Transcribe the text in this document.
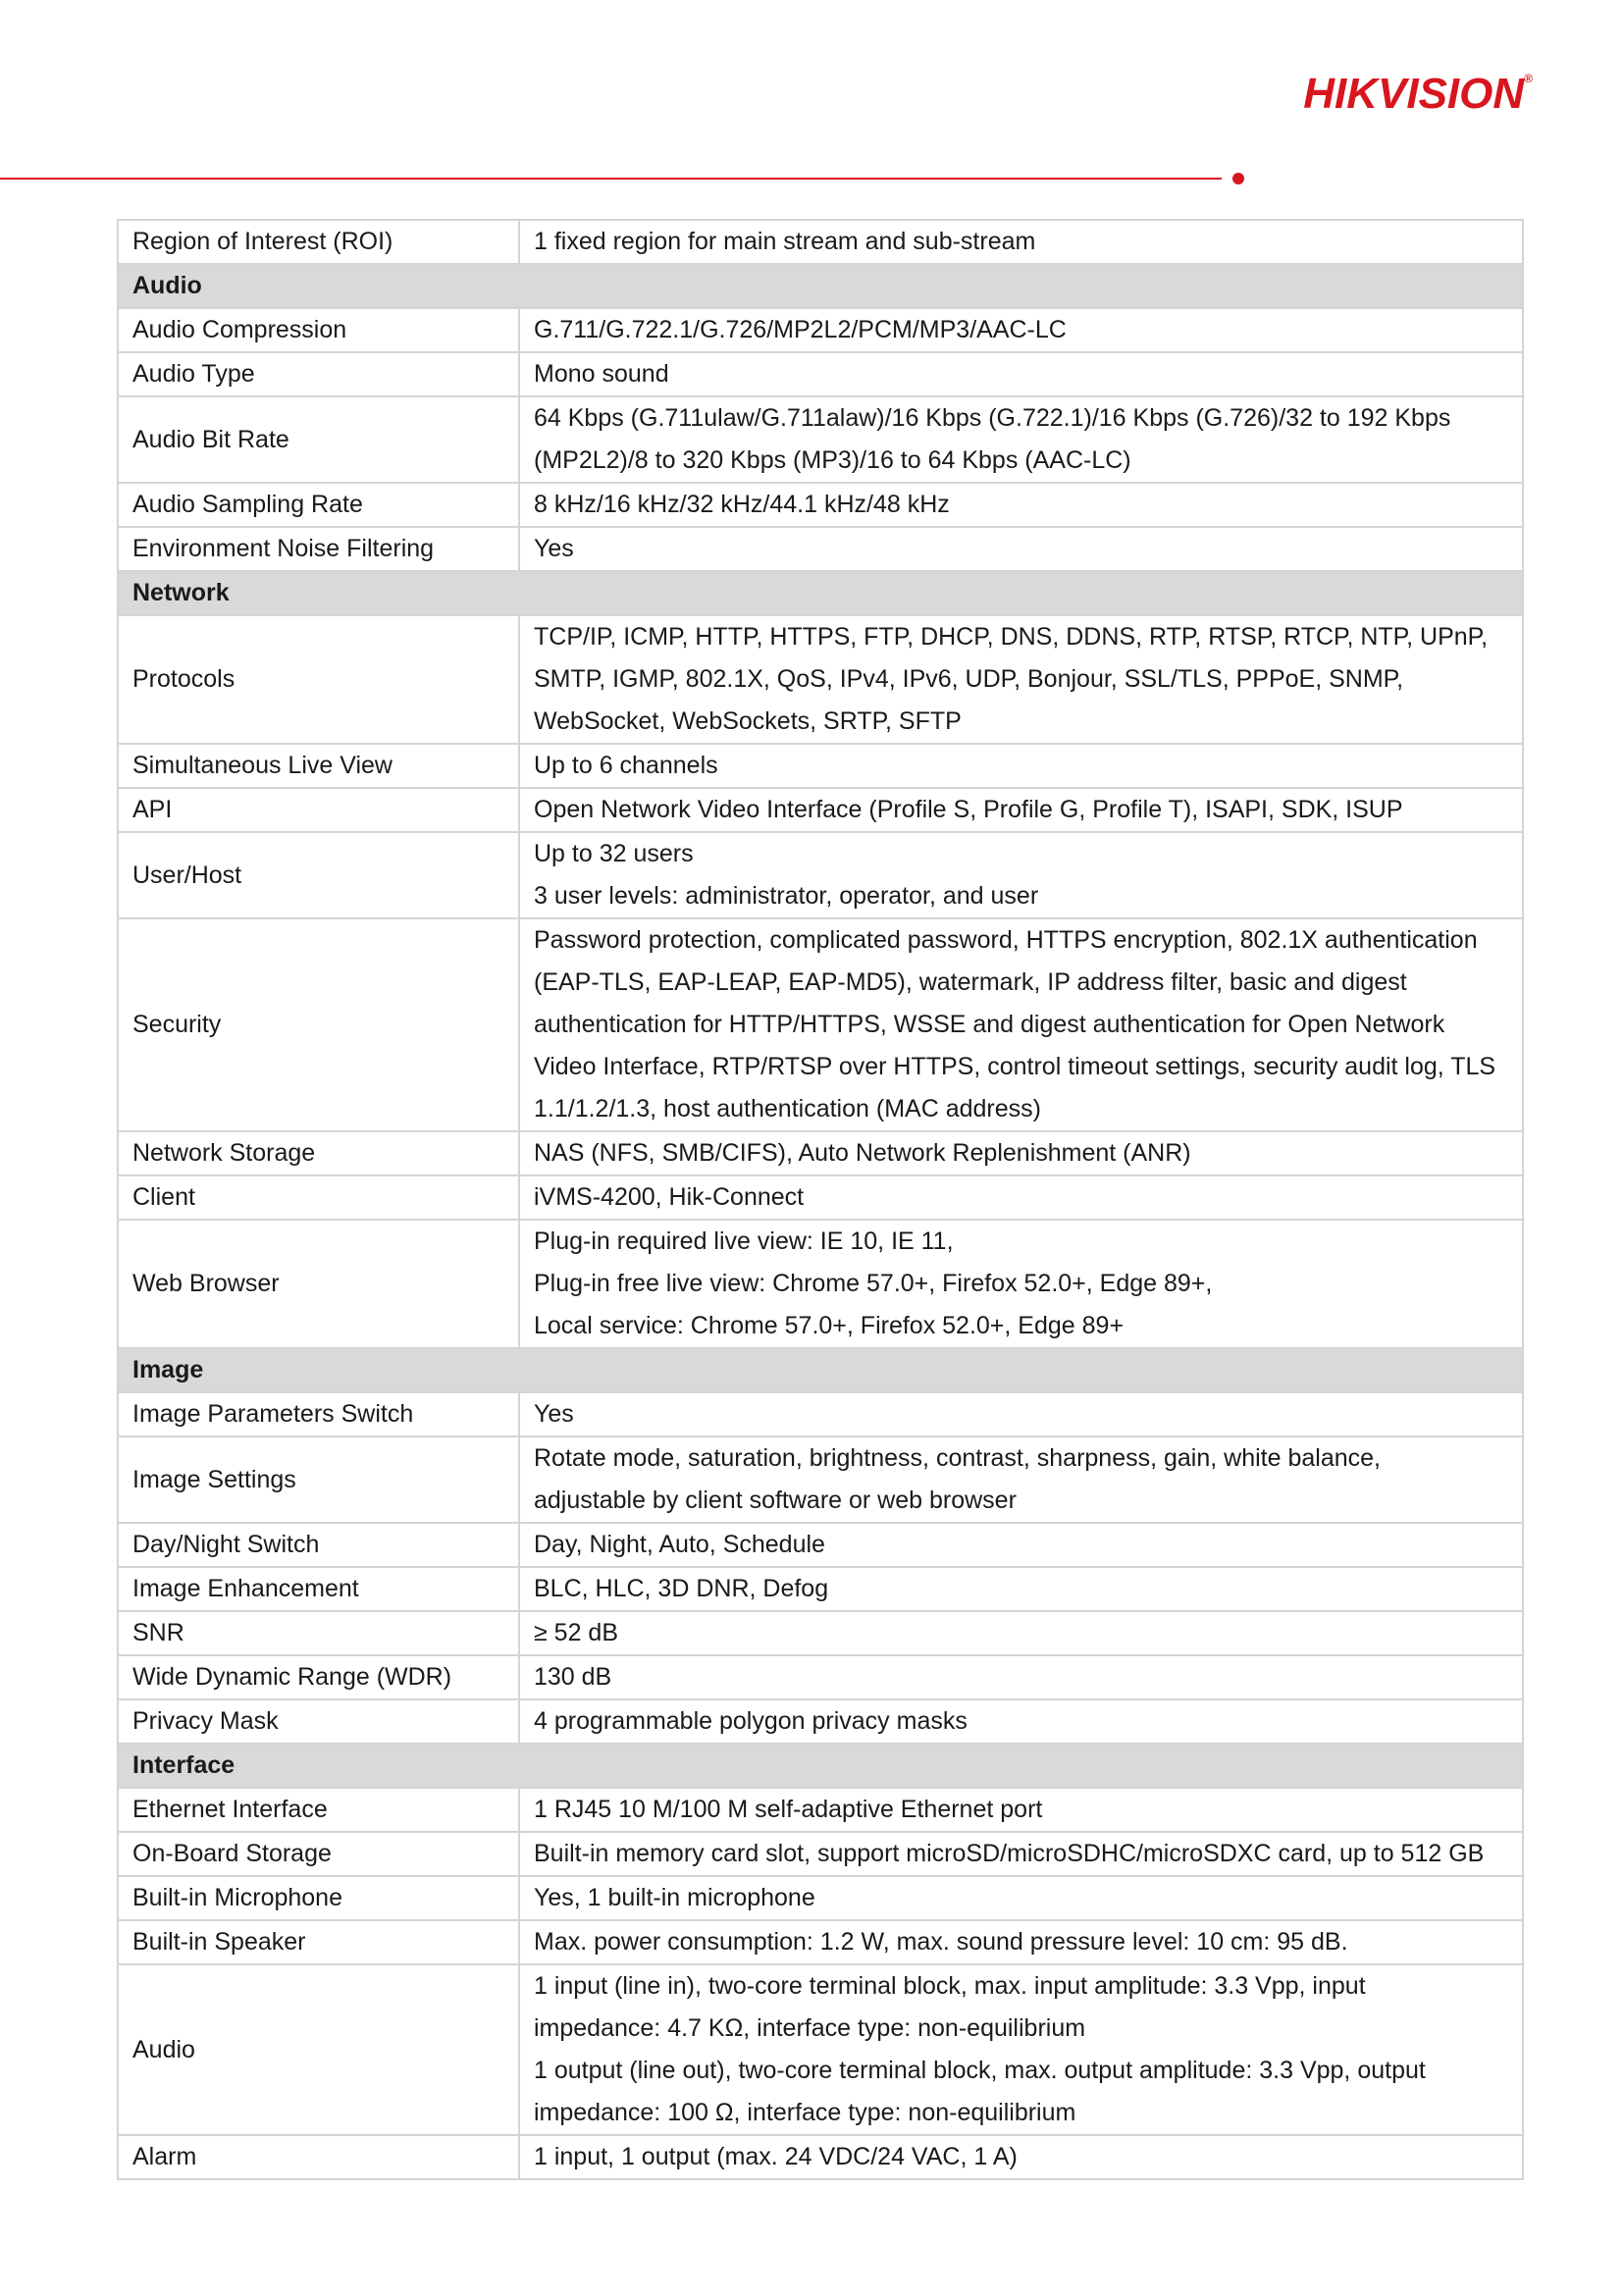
HIKVISION®
Region of Interest (ROI)	1 fixed region for main stream and sub-stream

Audio	
Audio Compression	G.711/G.722.1/G.726/MP2L2/PCM/MP3/AAC-LC

Audio Type	Mono sound

Audio Bit Rate	64 Kbps (G.711ulaw/G.711alaw)/16 Kbps (G.722.1)/16 Kbps (G.726)/32 to 192 Kbps
(MP2L2)/8 to 320 Kbps (MP3)/16 to 64 Kbps (AAC-LC)

Audio Sampling Rate	8 kHz/16 kHz/32 kHz/44.1 kHz/48 kHz

Environment Noise Filtering	Yes

Network	
Protocols	TCP/IP, ICMP, HTTP, HTTPS, FTP, DHCP, DNS, DDNS, RTP, RTSP, RTCP, NTP, UPnP,
SMTP, IGMP, 802.1X, QoS, IPv4, IPv6, UDP, Bonjour, SSL/TLS, PPPoE, SNMP,
WebSocket, WebSockets, SRTP, SFTP

Simultaneous Live View	Up to 6 channels

API	Open Network Video Interface (Profile S, Profile G, Profile T), ISAPI, SDK, ISUP

User/Host	Up to 32 users
3 user levels: administrator, operator, and user

Security	Password protection, complicated password, HTTPS encryption, 802.1X authentication
(EAP-TLS, EAP-LEAP, EAP-MD5), watermark, IP address filter, basic and digest
authentication for HTTP/HTTPS, WSSE and digest authentication for Open Network
Video Interface, RTP/RTSP over HTTPS, control timeout settings, security audit log, TLS
1.1/1.2/1.3, host authentication (MAC address)

Network Storage	NAS (NFS, SMB/CIFS), Auto Network Replenishment (ANR)

Client	iVMS-4200, Hik-Connect

Web Browser	Plug-in required live view: IE 10, IE 11,
Plug-in free live view: Chrome 57.0+, Firefox 52.0+, Edge 89+,
Local service: Chrome 57.0+, Firefox 52.0+, Edge 89+

Image	
Image Parameters Switch	Yes

Image Settings	Rotate mode, saturation, brightness, contrast, sharpness, gain, white balance,
adjustable by client software or web browser

Day/Night Switch	Day, Night, Auto, Schedule

Image Enhancement	BLC, HLC, 3D DNR, Defog

SNR	≥ 52 dB

Wide Dynamic Range (WDR)	130 dB

Privacy Mask	4 programmable polygon privacy masks

Interface	
Ethernet Interface	1 RJ45 10 M/100 M self-adaptive Ethernet port

On-Board Storage	Built-in memory card slot, support microSD/microSDHC/microSDXC card, up to 512 GB

Built-in Microphone	Yes, 1 built-in microphone

Built-in Speaker	Max. power consumption: 1.2 W, max. sound pressure level: 10 cm: 95 dB.

Audio	1 input (line in), two-core terminal block, max. input amplitude: 3.3 Vpp, input
impedance: 4.7 KΩ, interface type: non-equilibrium
1 output (line out), two-core terminal block, max. output amplitude: 3.3 Vpp, output
impedance: 100 Ω, interface type: non-equilibrium

Alarm	1 input, 1 output (max. 24 VDC/24 VAC, 1 A)
